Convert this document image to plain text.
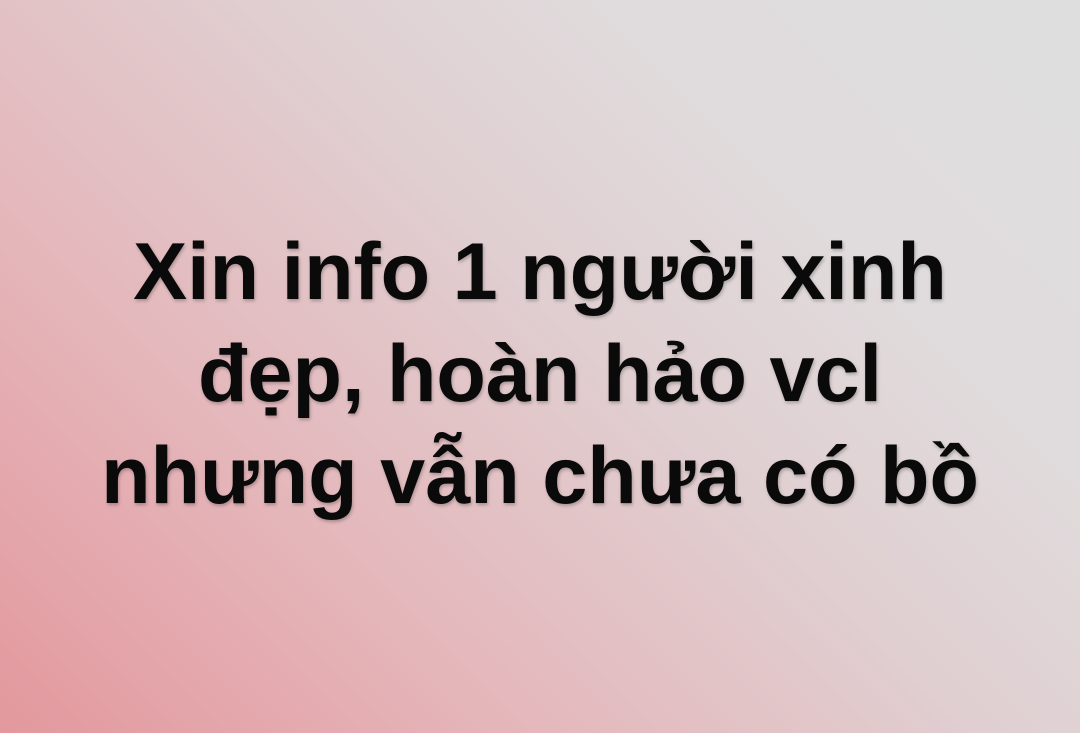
Xin info 1 người xinh
đẹp, hoàn hảo vcl
nhưng vẫn chưa có bồ
